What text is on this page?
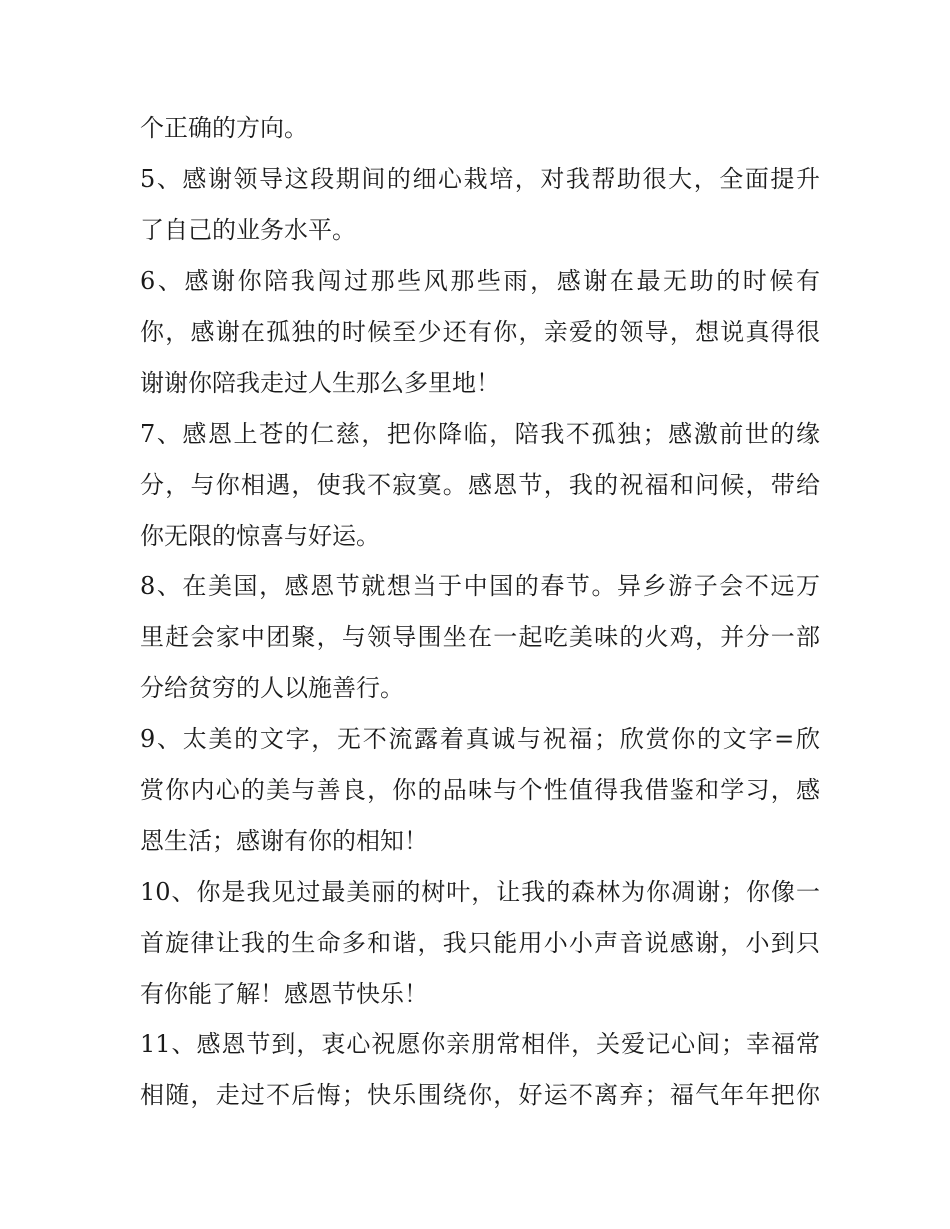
个正确的方向。
5、感谢领导这段期间的细心栽培，对我帮助很大，全面提升
了自己的业务水平。
6、感谢你陪我闯过那些风那些雨，感谢在最无助的时候有
你，感谢在孤独的时候至少还有你，亲爱的领导，想说真得很
谢谢你陪我走过人生那么多里地！
7、感恩上苍的仁慈，把你降临，陪我不孤独；感激前世的缘
分，与你相遇，使我不寂寞。感恩节，我的祝福和问候，带给
你无限的惊喜与好运。
8、在美国，感恩节就想当于中国的春节。异乡游子会不远万
里赶会家中团聚，与领导围坐在一起吃美味的火鸡，并分一部
分给贫穷的人以施善行。
9、太美的文字，无不流露着真诚与祝福；欣赏你的文字=欣
赏你内心的美与善良，你的品味与个性值得我借鉴和学习，感
恩生活；感谢有你的相知！
10、你是我见过最美丽的树叶，让我的森林为你凋谢；你像一
首旋律让我的生命多和谐，我只能用小小声音说感谢，小到只
有你能了解！感恩节快乐！
11、感恩节到，衷心祝愿你亲朋常相伴，关爱记心间；幸福常
相随，走过不后悔；快乐围绕你，好运不离弃；福气年年把你
